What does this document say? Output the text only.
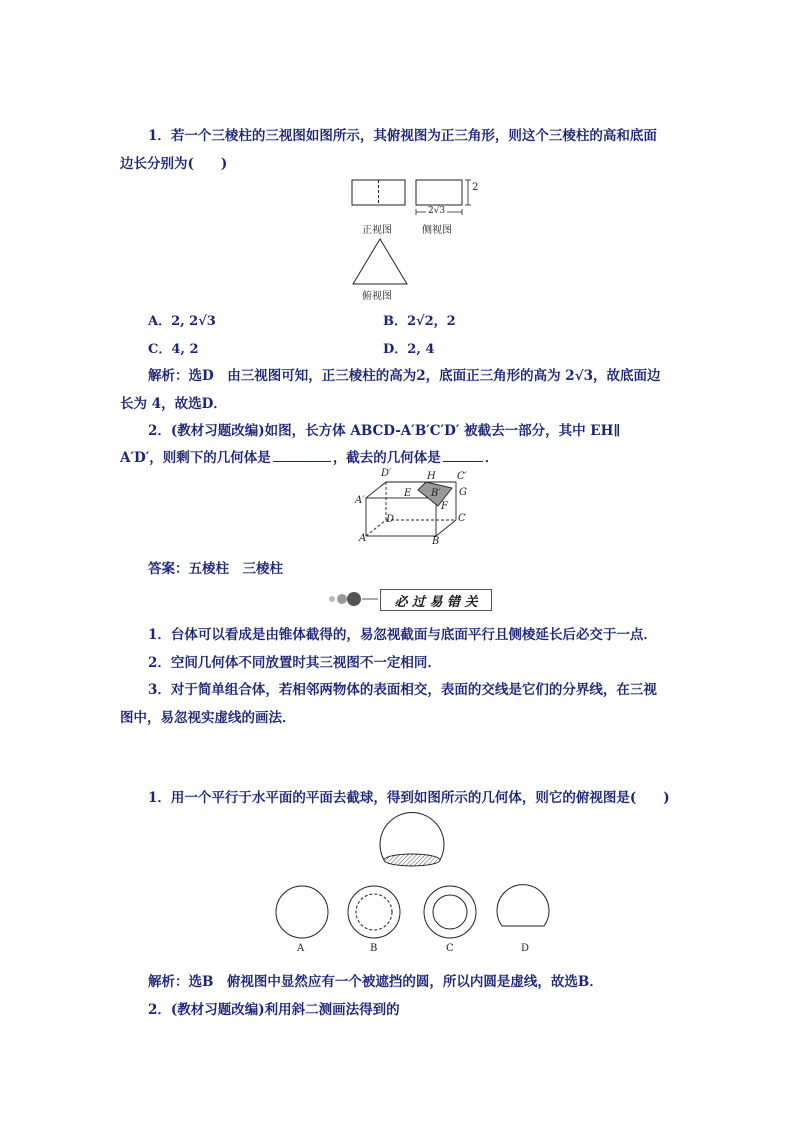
1．若一个三棱柱的三视图如图所示，其俯视图为正三角形，则这个三棱柱的高和底面
边长分别为(　　)
2
2√3
正视图	侧视图
俯视图
A．2, 2√3	B．2√2，2
C．4, 2	D．2, 4
解析：选D　由三视图可知，正三棱柱的高为2，底面正三角形的高为 2√3，故底面边
长为 4，故选D．
2．(教材习题改编)如图，长方体 ABCD-A′B′C′D′ 被截去一部分，其中 EH∥
A′D′，则剩下的几何体是	，截去的几何体是	．
D′	H C′
A′
E B′ G
F
D	C
A	B
答案：五棱柱　三棱柱
必 过 易 错 关
1．台体可以看成是由锥体截得的，易忽视截面与底面平行且侧棱延长后必交于一点．
2．空间几何体不同放置时其三视图不一定相同．
3．对于简单组合体，若相邻两物体的表面相交，表面的交线是它们的分界线，在三视
图中，易忽视实虚线的画法．
1．用一个平行于水平面的平面去截球，得到如图所示的几何体，则它的俯视图是(　　)
A	B	C	D
解析：选B　俯视图中显然应有一个被遮挡的圆，所以内圆是虚线，故选B．
2．(教材习题改编)利用斜二测画法得到的
